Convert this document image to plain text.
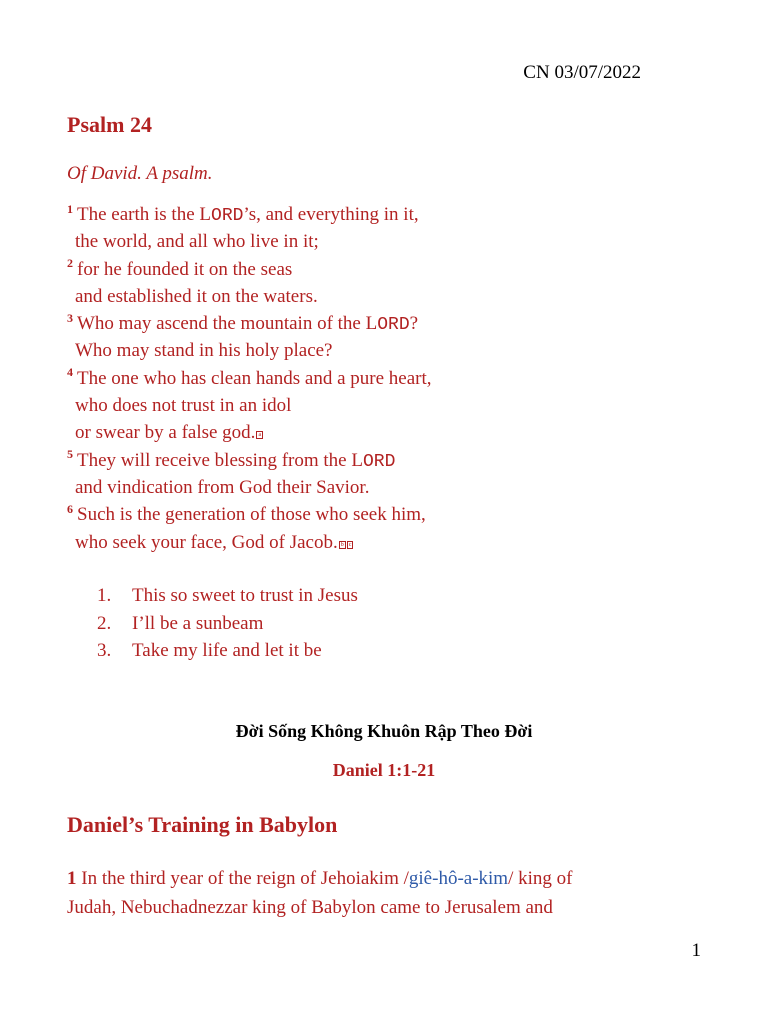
CN 03/07/2022
Psalm 24
Of David. A psalm.
$^1$ The earth is the LORD’s, and everything in it,
the world, and all who live in it;
$^2$ for he founded it on the seas
and established it on the waters.
$^3$ Who may ascend the mountain of the LORD?
Who may stand in his holy place?
$^4$ The one who has clean hands and a pure heart,
who does not trust in an idol
or swear by a false god. a
$^5$ They will receive blessing from the LORD
and vindication from God their Savior.
$^6$ Such is the generation of those who seek him,
who seek your face, God of Jacob. b c
1. This so sweet to trust in Jesus
2. I’ll be a sunbeam
3. Take my life and let it be
Đời Sống Không Khuôn Rập Theo Đời
Daniel 1:1-21
Daniel’s Training in Babylon
1 In the third year of the reign of Jehoiakim /giê-hô-a-kim/ king of
Judah, Nebuchadnezzar king of Babylon came to Jerusalem and
1
